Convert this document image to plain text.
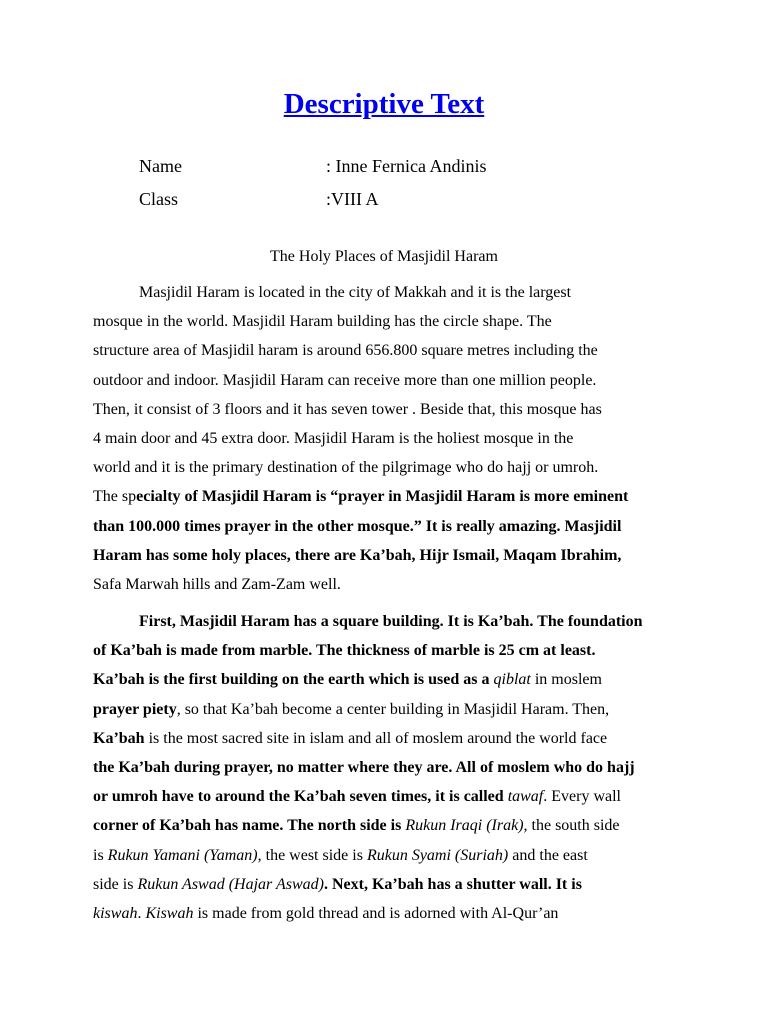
Descriptive Text
Name	: Inne Fernica Andinis
Class	:VIII A
The Holy Places of Masjidil Haram
Masjidil Haram is located in the city of Makkah and it is the largest
mosque in the world. Masjidil Haram building has the circle shape. The
structure area of Masjidil haram is around 656.800 square metres including the
outdoor and indoor. Masjidil Haram can receive more than one million people.
Then, it consist of 3 floors and it has seven tower . Beside that, this mosque has
4 main door and 45 extra door. Masjidil Haram is the holiest mosque in the
world and it is the primary destination of the pilgrimage who do hajj or umroh.
The specialty of Masjidil Haram is “prayer in Masjidil Haram is more eminent
than 100.000 times prayer in the other mosque.” It is really amazing. Masjidil
Haram has some holy places, there are Ka’bah, Hijr Ismail, Maqam Ibrahim,
Safa Marwah hills and Zam-Zam well.
First, Masjidil Haram has a square building. It is Ka’bah. The foundation
of Ka’bah is made from marble. The thickness of marble is 25 cm at least.
Ka’bah is the first building on the earth which is used as a qiblat in moslem
prayer piety, so that Ka’bah become a center building in Masjidil Haram. Then,
Ka’bah is the most sacred site in islam and all of moslem around the world face
the Ka’bah during prayer, no matter where they are. All of moslem who do hajj
or umroh have to around the Ka’bah seven times, it is called tawaf. Every wall
corner of Ka’bah has name. The north side is Rukun Iraqi (Irak), the south side
is Rukun Yamani (Yaman), the west side is Rukun Syami (Suriah) and the east
side is Rukun Aswad (Hajar Aswad). Next, Ka’bah has a shutter wall. It is
kiswah. Kiswah is made from gold thread and is adorned with Al-Qur’an
